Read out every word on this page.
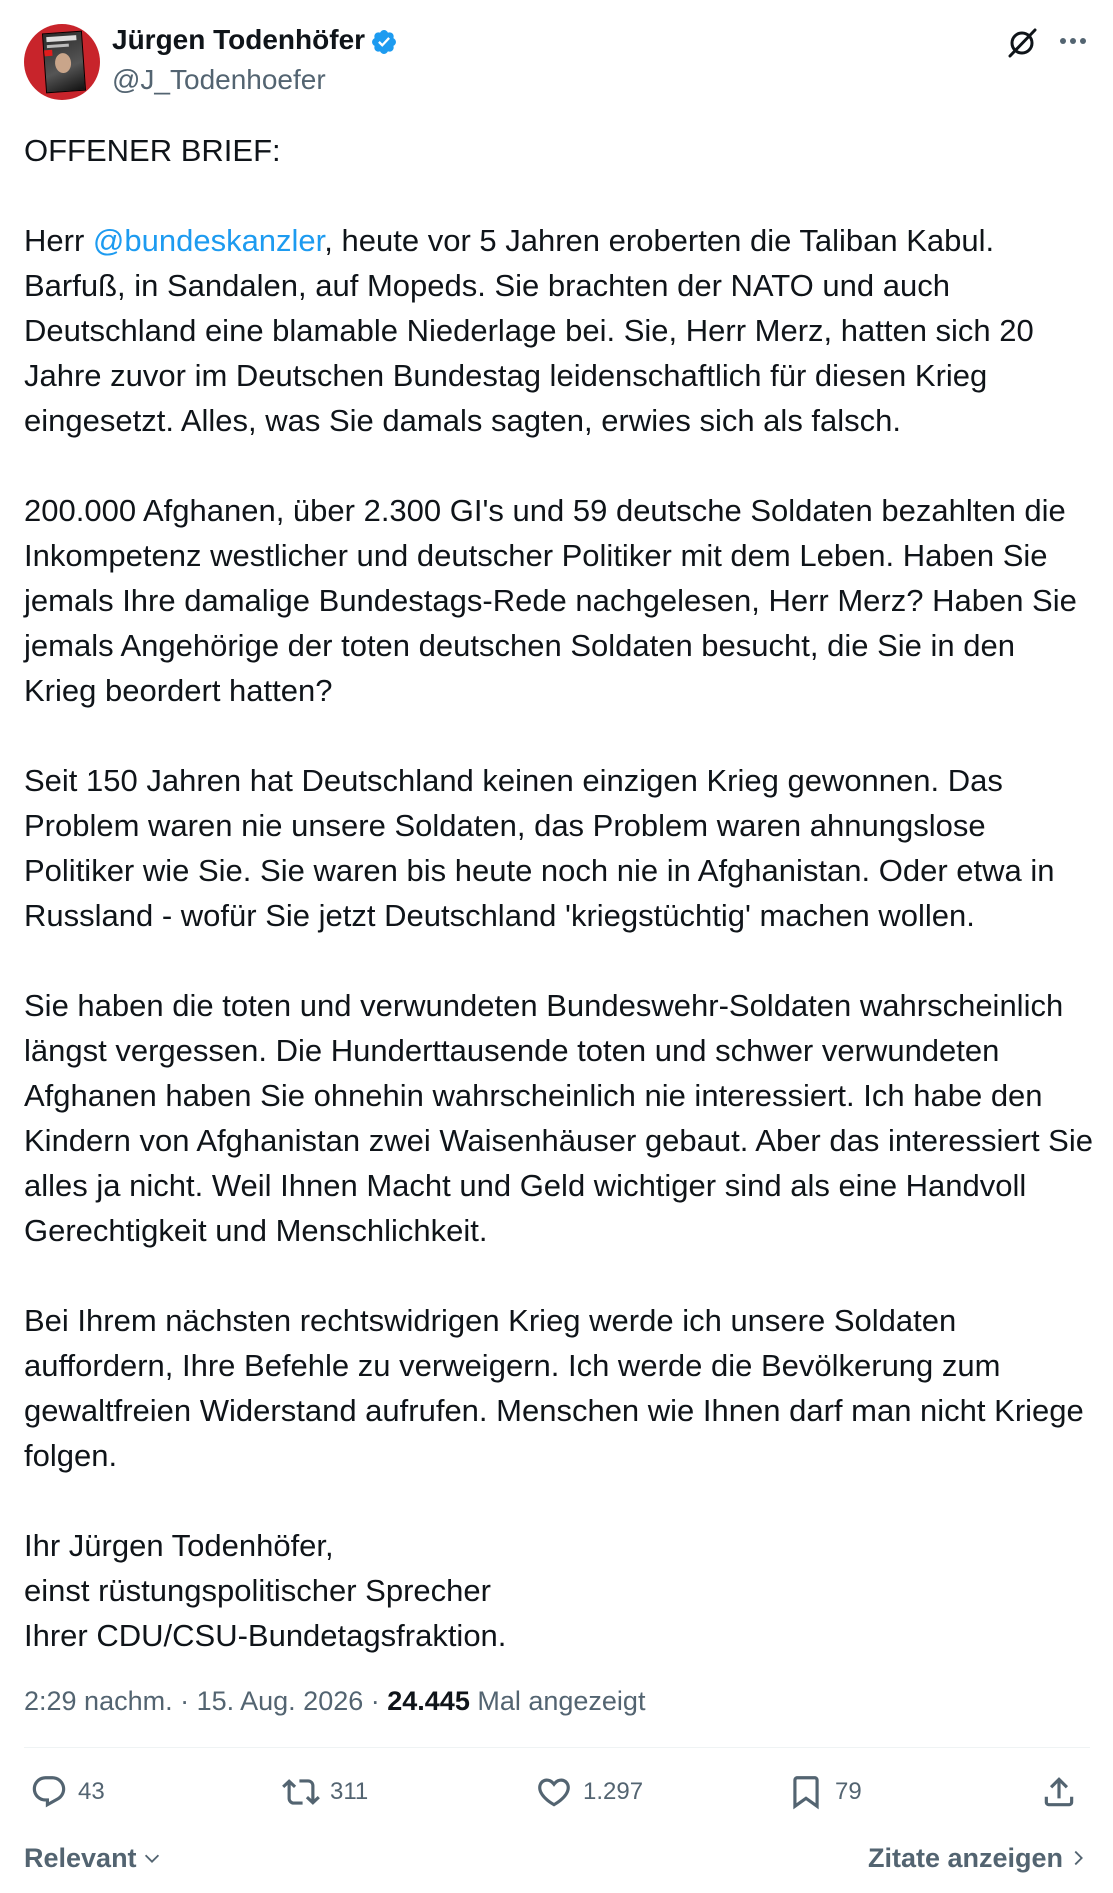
Jürgen Todenhöfer
@J_Todenhoefer

OFFENER BRIEF:

Herr @bundeskanzler, heute vor 5 Jahren eroberten die Taliban Kabul. Barfuß, in Sandalen, auf Mopeds. Sie brachten der NATO und auch Deutschland eine blamable Niederlage bei. Sie, Herr Merz, hatten sich 20 Jahre zuvor im Deutschen Bundestag leidenschaftlich für diesen Krieg eingesetzt. Alles, was Sie damals sagten, erwies sich als falsch.

200.000 Afghanen, über 2.300 GI's und 59 deutsche Soldaten bezahlten die Inkompetenz westlicher und deutscher Politiker mit dem Leben. Haben Sie jemals Ihre damalige Bundestags-Rede nachgelesen, Herr Merz? Haben Sie jemals Angehörige der toten deutschen Soldaten besucht, die Sie in den Krieg beordert hatten?

Seit 150 Jahren hat Deutschland keinen einzigen Krieg gewonnen. Das Problem waren nie unsere Soldaten, das Problem waren ahnungslose Politiker wie Sie. Sie waren bis heute noch nie in Afghanistan. Oder etwa in Russland - wofür Sie jetzt Deutschland 'kriegstüchtig' machen wollen.

Sie haben die toten und verwundeten Bundeswehr-Soldaten wahrscheinlich längst vergessen. Die Hunderttausende toten und schwer verwundeten Afghanen haben Sie ohnehin wahrscheinlich nie interessiert. Ich habe den Kindern von Afghanistan zwei Waisenhäuser gebaut. Aber das interessiert Sie alles ja nicht. Weil Ihnen Macht und Geld wichtiger sind als eine Handvoll Gerechtigkeit und Menschlichkeit.

Bei Ihrem nächsten rechtswidrigen Krieg werde ich unsere Soldaten auffordern, Ihre Befehle zu verweigern. Ich werde die Bevölkerung zum gewaltfreien Widerstand aufrufen. Menschen wie Ihnen darf man nicht Kriege folgen.

Ihr Jürgen Todenhöfer,

einst rüstungspolitischer Sprecher

Ihrer CDU/CSU-Bundetagsfraktion.

2:29 nachm. · 15. Aug. 2026 · 24.445 Mal angezeigt
43	311	1.297	79
Relevant	Zitate anzeigen
